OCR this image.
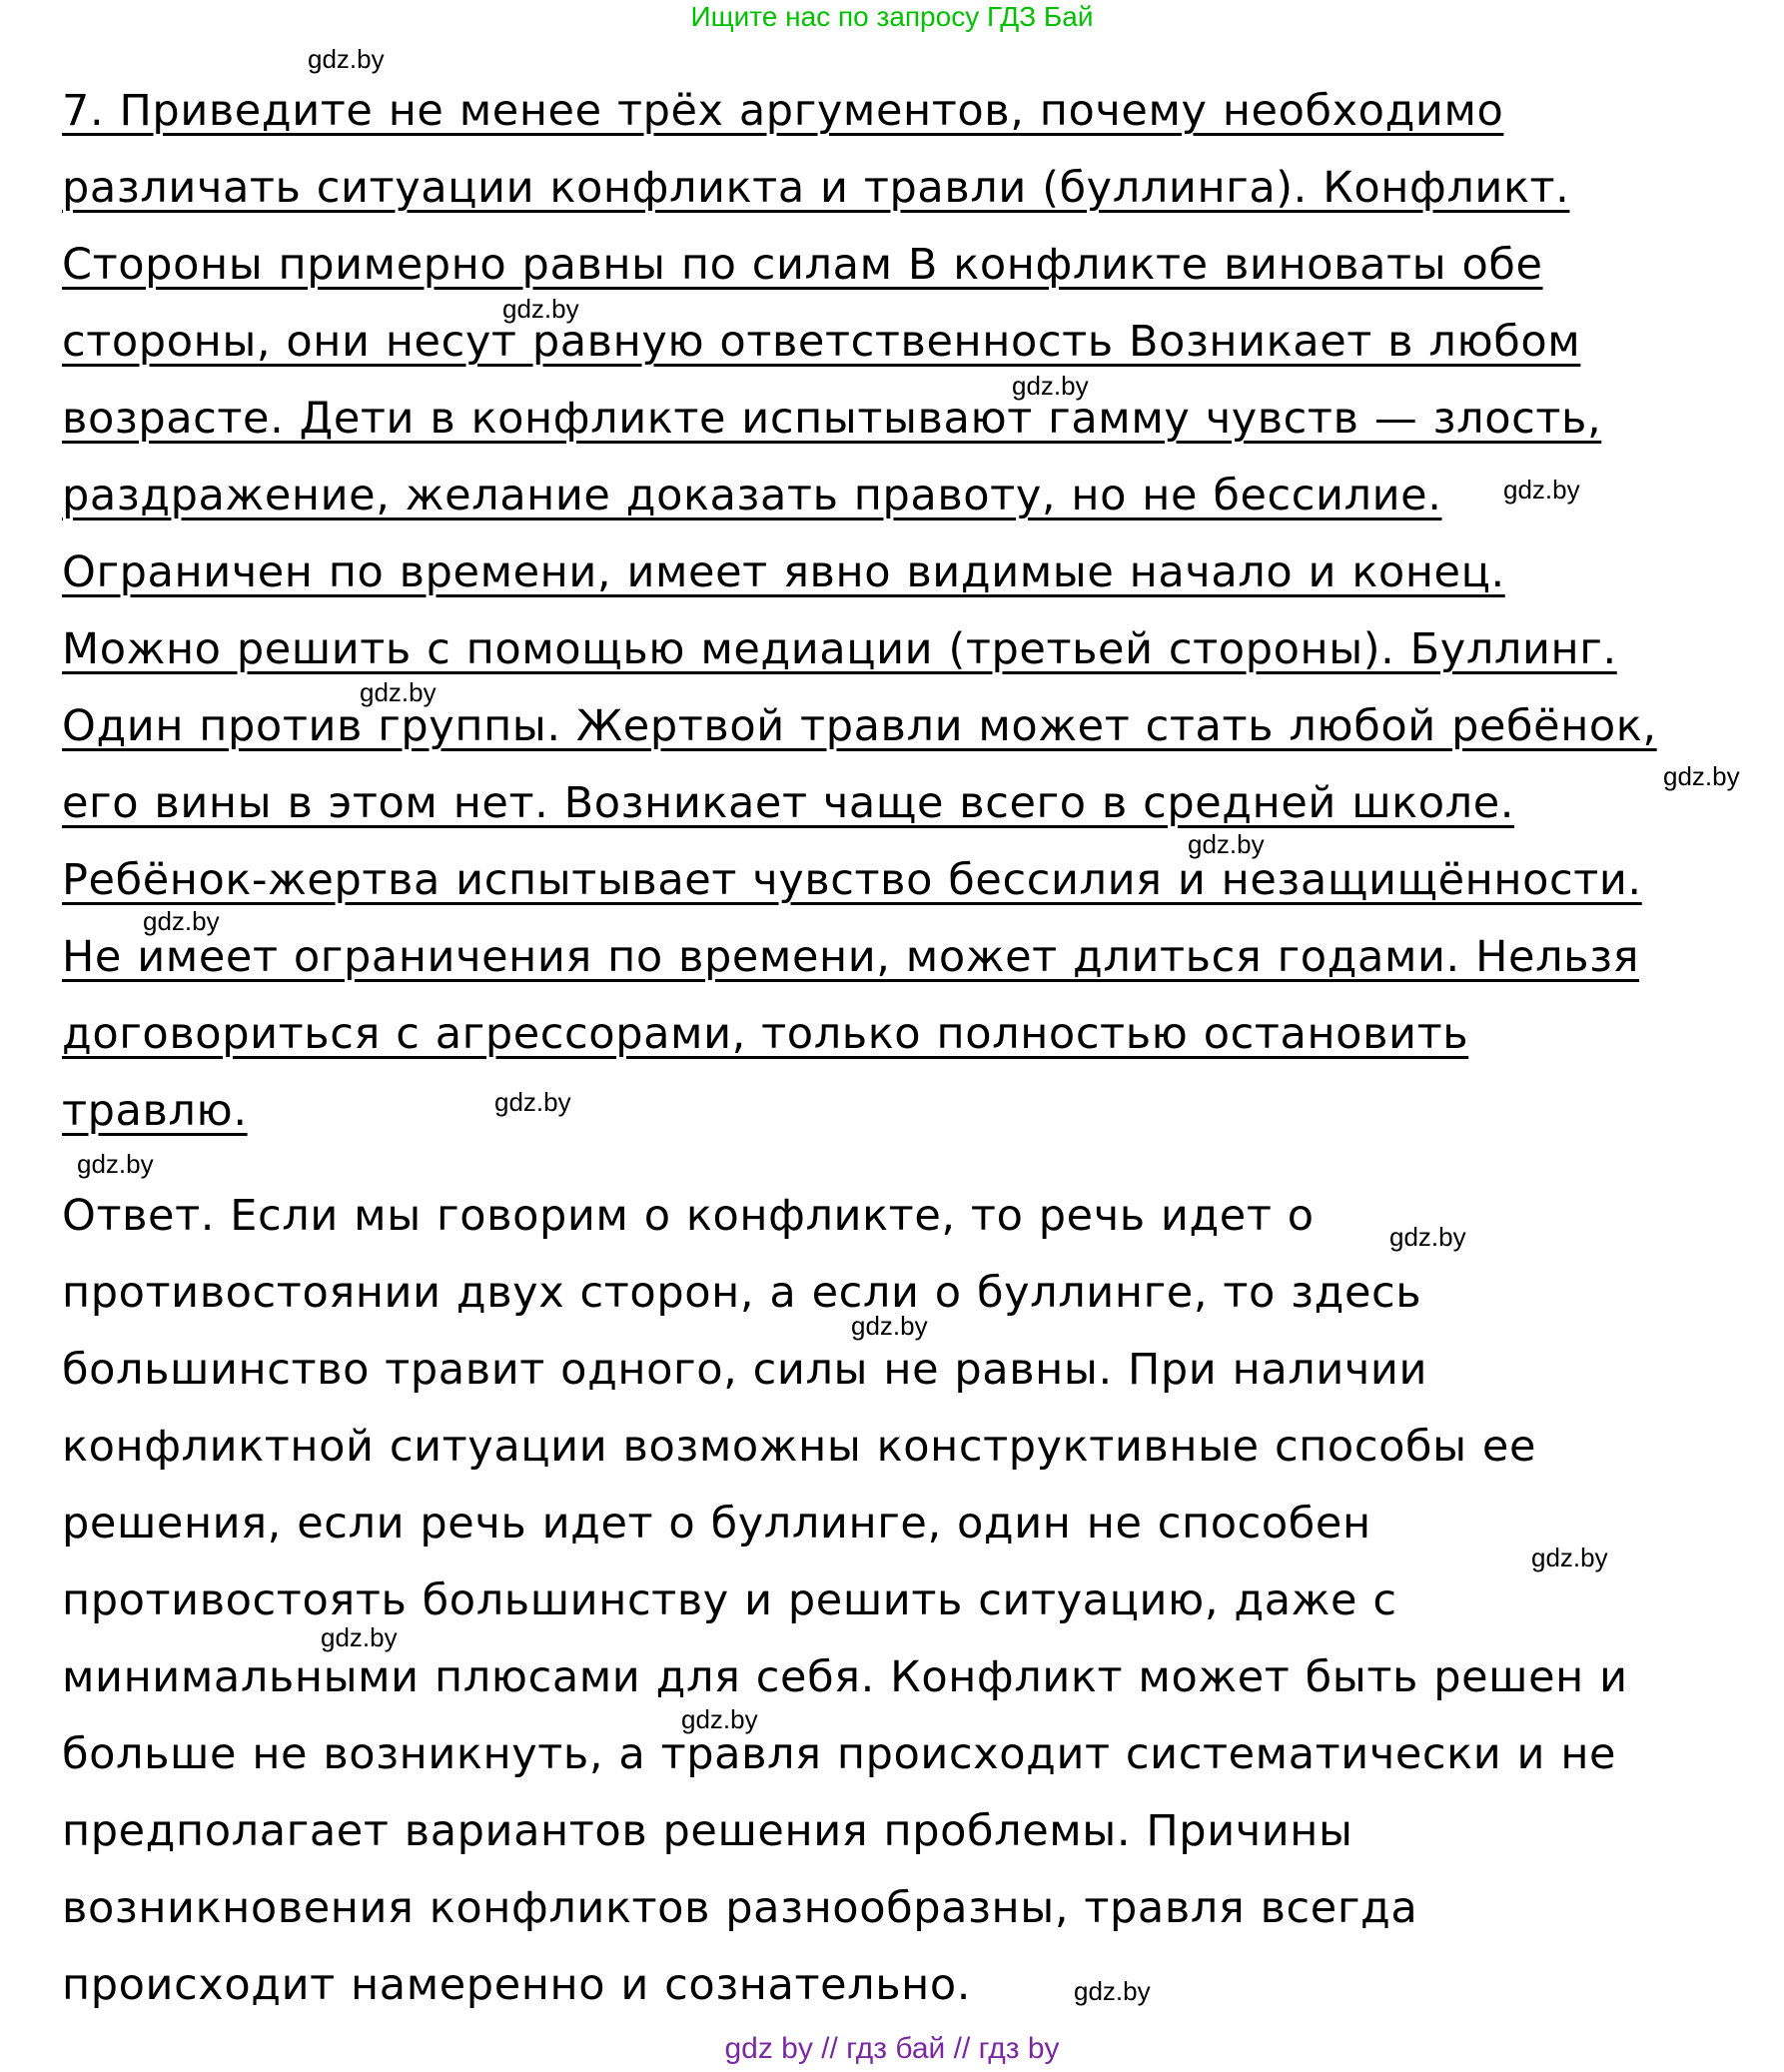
Ищите нас по запросу ГДЗ Бай
7. Приведите не менее трёх аргументов, почему необходимо
различать ситуации конфликта и травли (буллинга). Конфликт.
Стороны примерно равны по силам В конфликте виноваты обе
стороны, они несут равную ответственность Возникает в любом
возрасте. Дети в конфликте испытывают гамму чувств — злость,
раздражение, желание доказать правоту, но не бессилие.
Ограничен по времени, имеет явно видимые начало и конец.
Можно решить с помощью медиации (третьей стороны). Буллинг.
Один против группы. Жертвой травли может стать любой ребёнок,
его вины в этом нет. Возникает чаще всего в средней школе.
Ребёнок-жертва испытывает чувство бессилия и незащищённости.
Не имеет ограничения по времени, может длиться годами. Нельзя
договориться с агрессорами, только полностью остановить
травлю.
Ответ. Если мы говорим о конфликте, то речь идет о
противостоянии двух сторон, а если о буллинге, то здесь
большинство травит одного, силы не равны. При наличии
конфликтной ситуации возможны конструктивные способы ее
решения, если речь идет о буллинге, один не способен
противостоять большинству и решить ситуацию, даже с
минимальными плюсами для себя. Конфликт может быть решен и
больше не возникнуть, а травля происходит систематически и не
предполагает вариантов решения проблемы. Причины
возникновения конфликтов разнообразны, травля всегда
происходит намеренно и сознательно.
gdz.by
gdz.by
gdz.by
gdz.by
gdz.by
gdz.by
gdz.by
gdz.by
gdz.by
gdz.by
gdz.by
gdz.by
gdz.by
gdz.by
gdz.by
gdz.by
gdz by // гдз бай // гдз by
